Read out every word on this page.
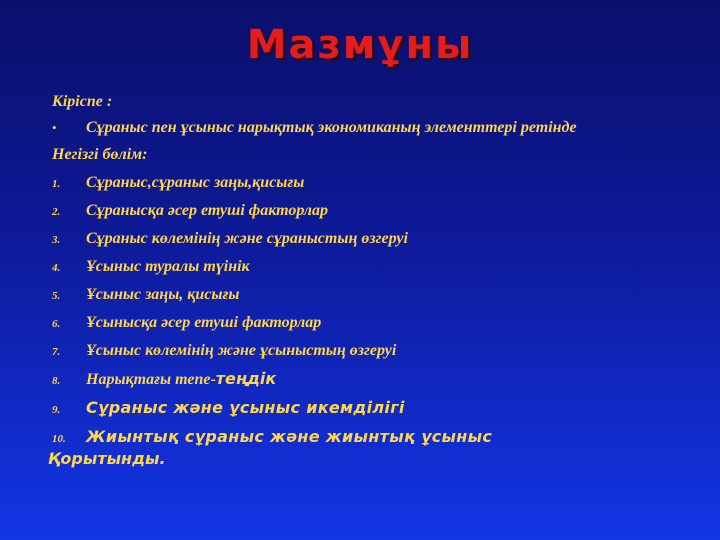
Мазмұны
Кіріспе :
•	Сұраныс пен ұсыныс нарықтық экономиканың элементтері ретінде
Негізгі бөлім:
1.	Сұраныс,сұраныс заңы,қисығы
2.	Сұранысқа әсер етуші факторлар
3.	Сұраныс көлемінің және сұраныстың өзгеруі
4.	Ұсыныс туралы түінік
5.	Ұсыныс заңы, қисығы
6.	Ұсынысқа әсер етуші факторлар
7.	Ұсыныс көлемінің және ұсыныстың өзгеруі
8.	Нарықтағы тепе-теңдік
9.	Сұраныс және ұсыныс икемділігі
10.	Жиынтық сұраныс және жиынтық ұсыныс
Қорытынды.
